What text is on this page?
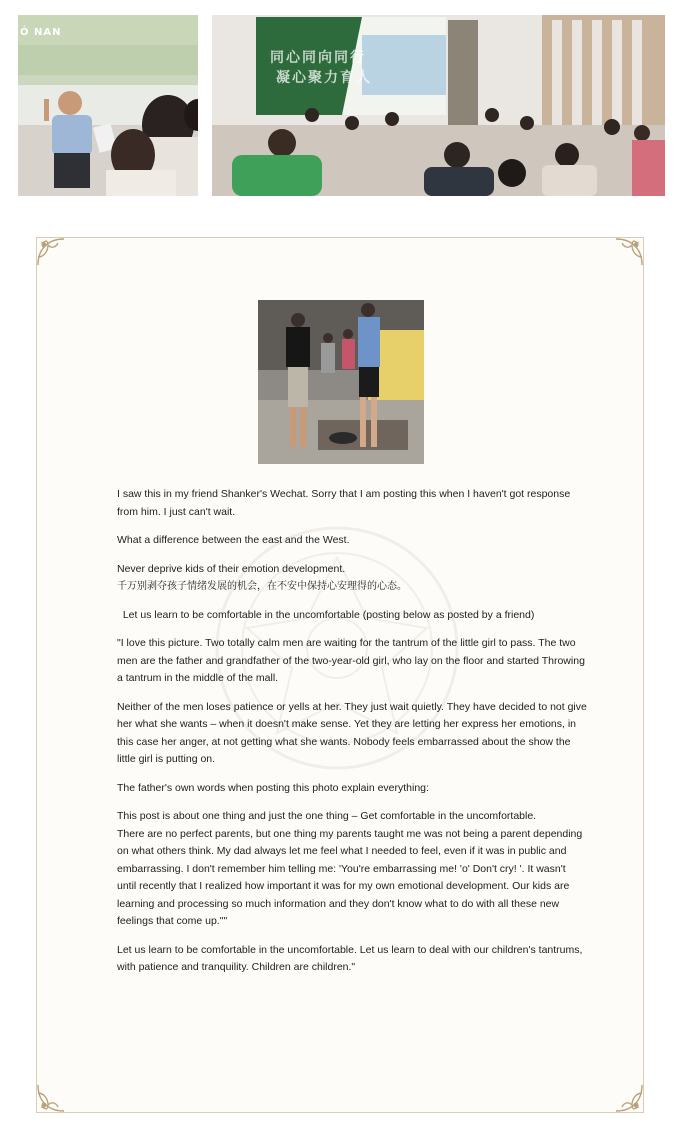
Ó NAN
同心同向同行
凝心聚力育人

I saw this in my friend Shanker's Wechat. Sorry that I am posting this when I haven't got response from him. I just can't wait.

What a difference between the east and the West.

Never deprive kids of their emotion development.

千万别剥夺孩子情绪发展的机会，在不安中保持心安理得的心态。

Let us learn to be comfortable in the uncomfortable (posting below as posted by a friend)

"I love this picture. Two totally calm men are waiting for the tantrum of the little girl to pass. The two men are the father and grandfather of the two-year-old girl, who lay on the floor and started Throwing a tantrum in the middle of the mall.

Neither of the men loses patience or yells at her. They just wait quietly. They have decided to not give her what she wants – when it doesn't make sense. Yet they are letting her express her emotions, in this case her anger, at not getting what she wants. Nobody feels embarrassed about the show the little girl is putting on.

The father's own words when posting this photo explain everything:

This post is about one thing and just the one thing – Get comfortable in the uncomfortable.

There are no perfect parents, but one thing my parents taught me was not being a parent depending on what others think. My dad always let me feel what I needed to feel, even if it was in public and embarrassing. I don't remember him telling me: 'You're embarrassing me! 'o' Don't cry! '. It wasn't until recently that I realized how important it was for my own emotional development. Our kids are learning and processing so much information and they don't know what to do with all these new feelings that come up.""

Let us learn to be comfortable in the uncomfortable. Let us learn to deal with our children's tantrums, with patience and tranquility. Children are children."
